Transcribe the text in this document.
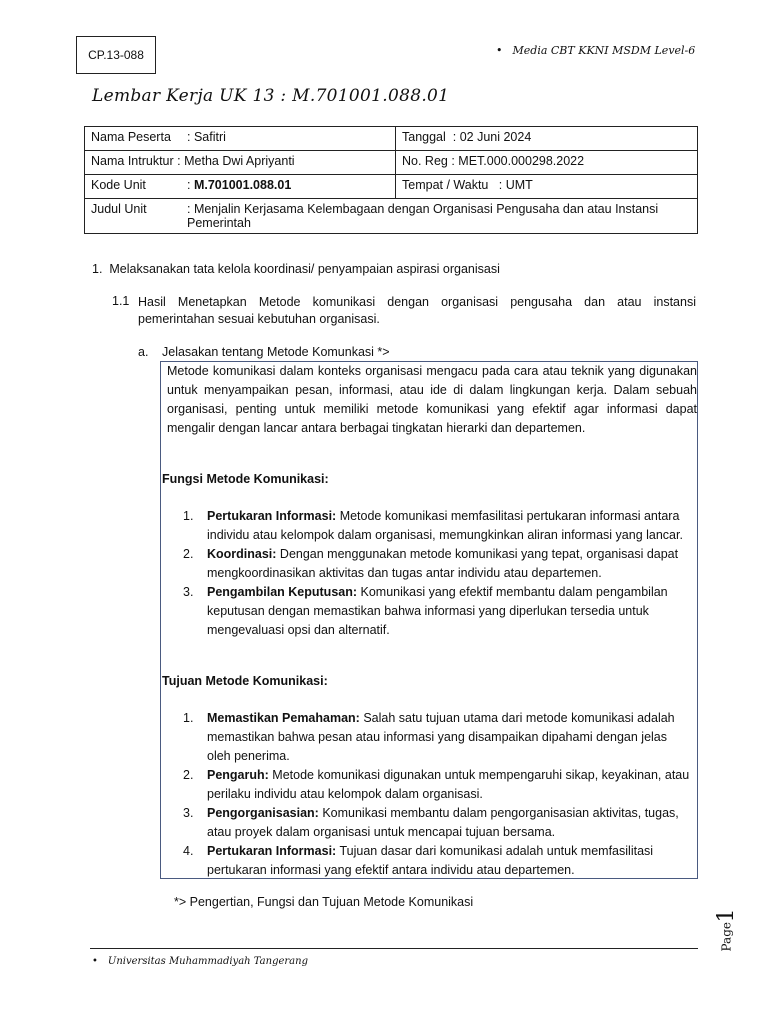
CP.13-088	• Media CBT KKNI MSDM Level-6
Lembar Kerja UK 13 : M.701001.088.01
Nama Peserta : Safitri	Tanggal : 02 Juni 2024
Nama Intruktur : Metha Dwi Apriyanti	No. Reg : MET.000.000298.2022
Kode Unit : M.701001.088.01	Tempat / Waktu : UMT

Judul Unit : Menjalin Kerjasama Kelembagaan dengan Organisasi Pengusaha dan atau Instansi Pemerintah	
1. Melaksanakan tata kelola koordinasi/ penyampaian aspirasi organisasi
1.1 Hasil Menetapkan Metode komunikasi dengan organisasi pengusaha dan atau instansi pemerintahan sesuai kebutuhan organisasi.
a.	Jelasakan tentang Metode Komunkasi *>
Metode komunikasi dalam konteks organisasi mengacu pada cara atau teknik yang digunakan untuk menyampaikan pesan, informasi, atau ide di dalam lingkungan kerja. Dalam sebuah organisasi, penting untuk memiliki metode komunikasi yang efektif agar informasi dapat mengalir dengan lancar antara berbagai tingkatan hierarki dan departemen.
Fungsi Metode Komunikasi:
1.	Pertukaran Informasi: Metode komunikasi memfasilitasi pertukaran informasi antara individu atau kelompok dalam organisasi, memungkinkan aliran informasi yang lancar.
2.	Koordinasi: Dengan menggunakan metode komunikasi yang tepat, organisasi dapat mengkoordinasikan aktivitas dan tugas antar individu atau departemen.
3.	Pengambilan Keputusan: Komunikasi yang efektif membantu dalam pengambilan keputusan dengan memastikan bahwa informasi yang diperlukan tersedia untuk mengevaluasi opsi dan alternatif.
Tujuan Metode Komunikasi:
1.	Memastikan Pemahaman: Salah satu tujuan utama dari metode komunikasi adalah memastikan bahwa pesan atau informasi yang disampaikan dipahami dengan jelas oleh penerima.
2.	Pengaruh: Metode komunikasi digunakan untuk mempengaruhi sikap, keyakinan, atau perilaku individu atau kelompok dalam organisasi.
3.	Pengorganisasian: Komunikasi membantu dalam pengorganisasian aktivitas, tugas, atau proyek dalam organisasi untuk mencapai tujuan bersama.
4.	Pertukaran Informasi: Tujuan dasar dari komunikasi adalah untuk memfasilitasi pertukaran informasi yang efektif antara individu atau departemen.
*> Pengertian, Fungsi dan Tujuan Metode Komunikasi
Page
1
• Universitas Muhammadiyah Tangerang
